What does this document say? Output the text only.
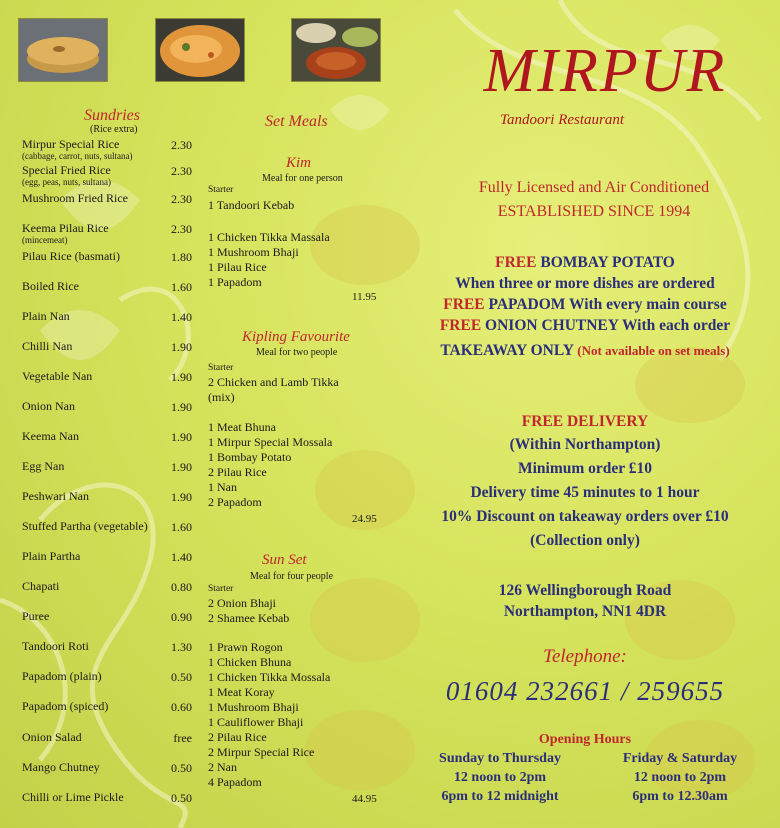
Sundries
(Rice extra)
Mirpur Special Rice
(cabbage, carrot, nuts, sultana)
2.30
Special Fried Rice
(egg, peas, nuts, sultana)
2.30
Mushroom Fried Rice	2.30
Keema Pilau Rice
(mincemeat)
2.30
Pilau Rice (basmati)	1.80
Boiled Rice	1.60
Plain Nan	1.40
Chilli Nan	1.90
Vegetable Nan	1.90
Onion Nan	1.90
Keema Nan	1.90
Egg Nan	1.90
Peshwari Nan	1.90
Stuffed Partha (vegetable)	1.60
Plain Partha	1.40
Chapati	0.80
Puree	0.90
Tandoori Roti	1.30
Papadom (plain)	0.50
Papadom (spiced)	0.60
Onion Salad	free
Mango Chutney	0.50
Chilli or Lime Pickle	0.50
Set Meals
Kim
Meal for one person
Starter
1 Tandoori Kebab
1 Chicken Tikka Massala
1 Mushroom Bhaji
1 Pilau Rice
1 Papadom
11.95
Kipling Favourite
Meal for two people
Starter
2 Chicken and Lamb Tikka
(mix)
1 Meat Bhuna
1 Mirpur Special Mossala
1 Bombay Potato
2 Pilau Rice
1 Nan
2 Papadom
24.95
Sun Set
Meal for four people
Starter
2 Onion Bhaji
2 Shamee Kebab
1 Prawn Rogon
1 Chicken Bhuna
1 Chicken Tikka Mossala
1 Meat Koray
1 Mushroom Bhaji
1 Cauliflower Bhaji
2 Pilau Rice
2 Mirpur Special Rice
2 Nan
4 Papadom
44.95
MIRPUR
Tandoori Restaurant
Fully Licensed and Air Conditioned
ESTABLISHED SINCE 1994
FREE BOMBAY POTATO
When three or more dishes are ordered
FREE PAPADOM With every main course
FREE ONION CHUTNEY With each order
TAKEAWAY ONLY (Not available on set meals)
FREE DELIVERY
(Within Northampton)
Minimum order £10
Delivery time 45 minutes to 1 hour
10% Discount on takeaway orders over £10
(Collection only)
126 Wellingborough Road
Northampton, NN1 4DR
Telephone:
01604 232661 / 259655
Opening Hours
Sunday to Thursday
12 noon to 2pm
6pm to 12 midnight
Friday & Saturday
12 noon to 2pm
6pm to 12.30am
